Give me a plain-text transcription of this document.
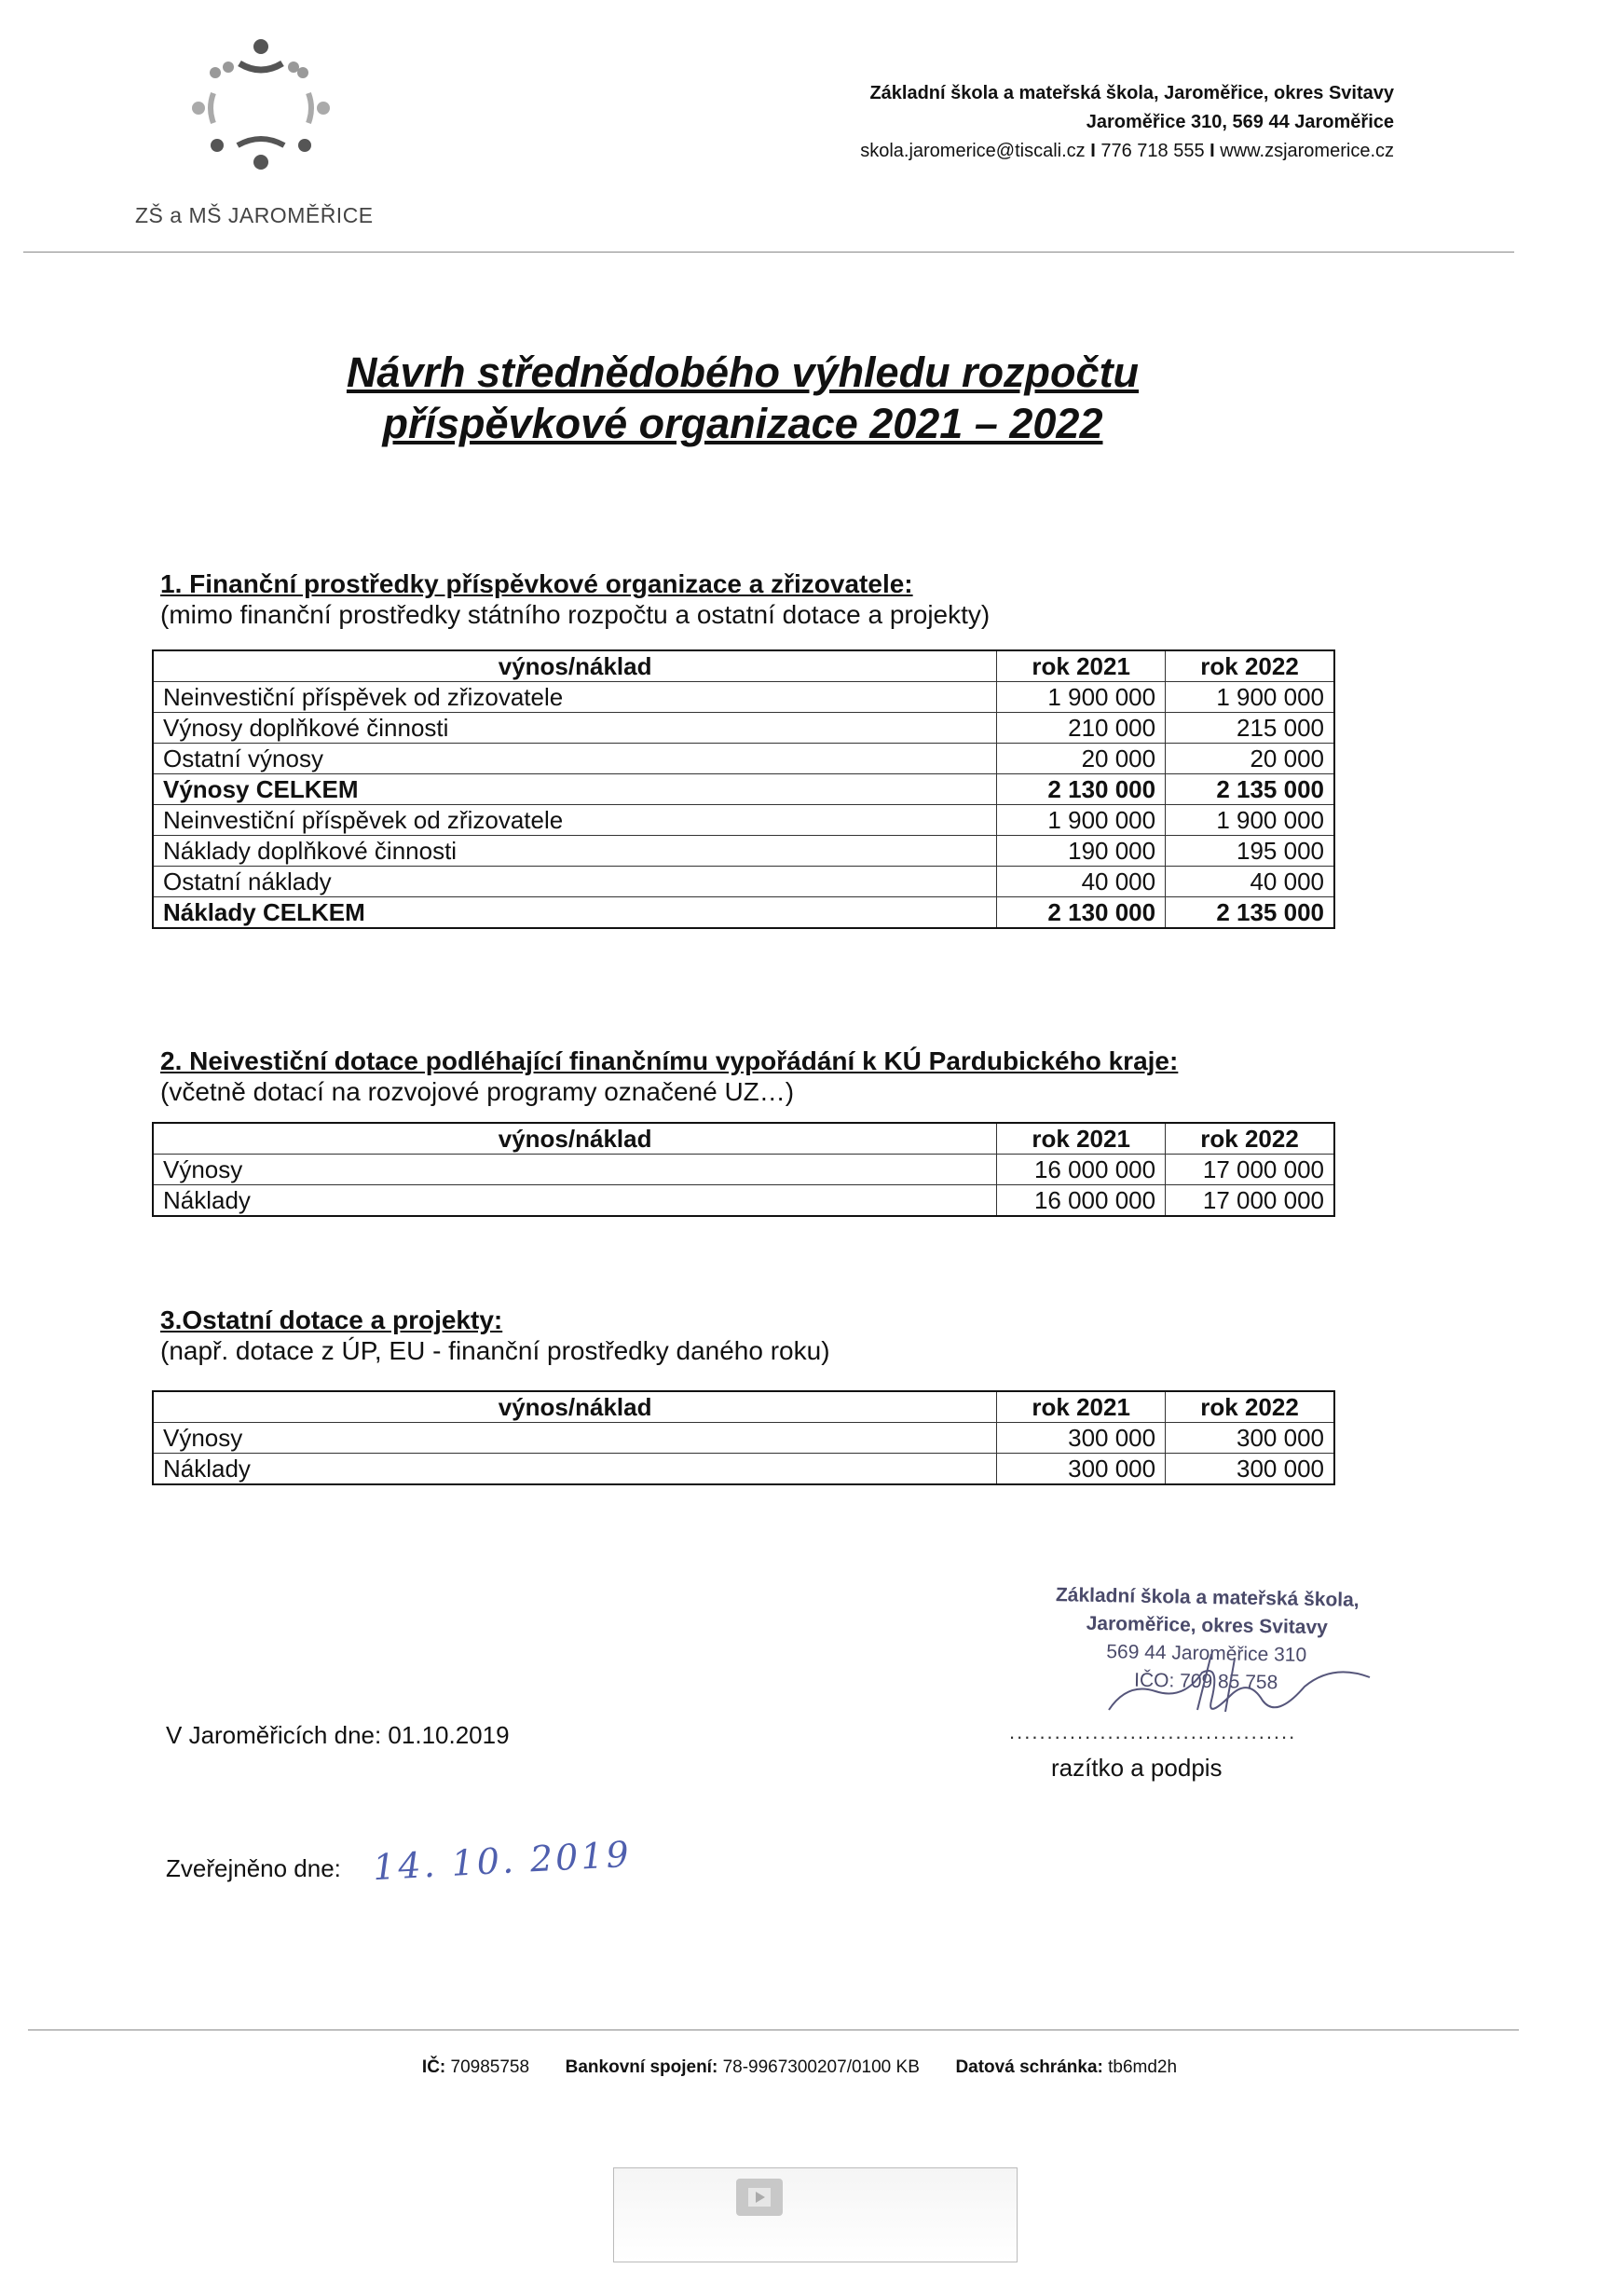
ZŠ a MŠ JAROMĚŘICE
Základní škola a mateřská škola, Jaroměřice, okres Svitavy
Jaroměřice 310, 569 44 Jaroměřice
skola.jaromerice@tiscali.cz I 776 718 555 I www.zsjaromerice.cz
Návrh střednědobého výhledu rozpočtu
příspěvkové organizace 2021 – 2022
1. Finanční prostředky příspěvkové organizace a zřizovatele:
(mimo finanční prostředky státního rozpočtu a ostatní dotace a projekty)
výnos/náklad	rok 2021	rok 2022
Neinvestiční příspěvek od zřizovatele	1 900 000	1 900 000
Výnosy doplňkové činnosti	210 000	215 000
Ostatní výnosy	20 000	20 000
Výnosy CELKEM	2 130 000	2 135 000
Neinvestiční příspěvek od zřizovatele	1 900 000	1 900 000
Náklady doplňkové činnosti	190 000	195 000
Ostatní náklady	40 000	40 000
Náklady CELKEM	2 130 000	2 135 000
2. Neivestiční dotace podléhající finančnímu vypořádání k KÚ Pardubického kraje:
(včetně dotací na rozvojové programy označené UZ…)
výnos/náklad	rok 2021	rok 2022
Výnosy	16 000 000	17 000 000
Náklady	16 000 000	17 000 000
3.Ostatní dotace a projekty:
(např. dotace z ÚP, EU - finanční prostředky daného roku)
výnos/náklad	rok 2021	rok 2022
Výnosy	300 000	300 000
Náklady	300 000	300 000
Základní škola a mateřská škola,
Jaroměřice, okres Svitavy
569 44 Jaroměřice 310
IČO: 709 85 758
V Jaroměřicích dne: 01.10.2019	......................................
razítko a podpis
Zveřejněno dne: 14. 10. 2019
IČ: 70985758 Bankovní spojení: 78-9967300207/0100 KB Datová schránka: tb6md2h
